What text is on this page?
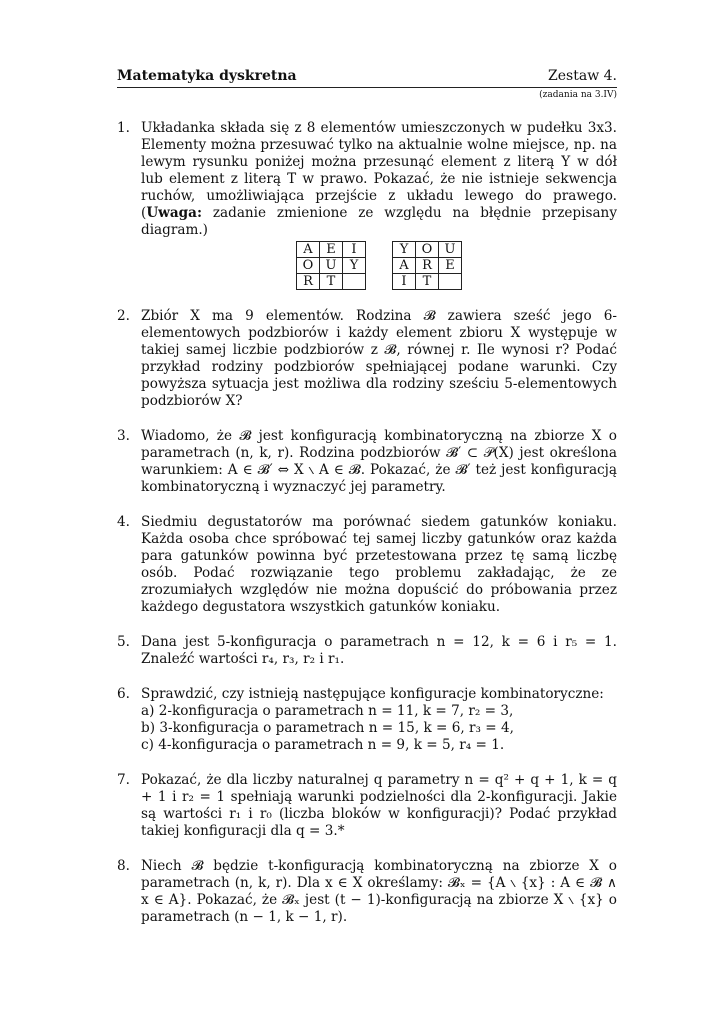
Matematyka dyskretna	Zestaw 4.
(zadania na 3.IV)
1. Układanka składa się z 8 elementów umieszczonych w pudełku 3x3. Elementy można przesuwać tylko na aktualnie wolne miejsce, np. na lewym rysunku poniżej można przesunąć element z literą Y w dół lub element z literą T w prawo. Pokazać, że nie istnieje sekwencja ruchów, umożliwiająca przejście z układu lewego do prawego. (Uwaga: zadanie zmienione ze względu na błędnie przepisany diagram.)
A	E	I
O	U	Y
R	T	
Y	O	U
A	R	E
I	T	
2. Zbiór X ma 9 elementów. Rodzina 𝓑 zawiera sześć jego 6-elementowych podzbiorów i każdy element zbioru X występuje w takiej samej liczbie podzbiorów z 𝓑, równej r. Ile wynosi r? Podać przykład rodziny podzbiorów spełniającej podane warunki. Czy powyższa sytuacja jest możliwa dla rodziny sześciu 5-elementowych podzbiorów X?
3. Wiadomo, że 𝓑 jest konfiguracją kombinatoryczną na zbiorze X o parametrach (n, k, r). Rodzina podzbiorów 𝓑′ ⊂ 𝒫(X) jest określona warunkiem: A ∈ 𝓑′ ⇔ X ∖ A ∈ 𝓑. Pokazać, że 𝓑′ też jest konfiguracją kombinatoryczną i wyznaczyć jej parametry.
4. Siedmiu degustatorów ma porównać siedem gatunków koniaku. Każda osoba chce spróbować tej samej liczby gatunków oraz każda para gatunków powinna być przetestowana przez tę samą liczbę osób. Podać rozwiązanie tego problemu zakładając, że ze zrozumiałych względów nie można dopuścić do próbowania przez każdego degustatora wszystkich gatunków koniaku.
5. Dana jest 5-konfiguracja o parametrach n = 12, k = 6 i r₅ = 1. Znaleźć wartości r₄, r₃, r₂ i r₁.
6. Sprawdzić, czy istnieją następujące konfiguracje kombinatoryczne:
a) 2-konfiguracja o parametrach n = 11, k = 7, r₂ = 3,
b) 3-konfiguracja o parametrach n = 15, k = 6, r₃ = 4,
c) 4-konfiguracja o parametrach n = 9, k = 5, r₄ = 1.
7. Pokazać, że dla liczby naturalnej q parametry n = q² + q + 1, k = q + 1 i r₂ = 1 spełniają warunki podzielności dla 2-konfiguracji. Jakie są wartości r₁ i r₀ (liczba bloków w konfiguracji)? Podać przykład takiej konfiguracji dla q = 3.*
8. Niech 𝓑 będzie t-konfiguracją kombinatoryczną na zbiorze X o parametrach (n, k, r). Dla x ∈ X określamy: 𝓑ₓ = {A ∖ {x} : A ∈ 𝓑 ∧ x ∈ A}. Pokazać, że 𝓑ₓ jest (t − 1)-konfiguracją na zbiorze X ∖ {x} o parametrach (n − 1, k − 1, r).
